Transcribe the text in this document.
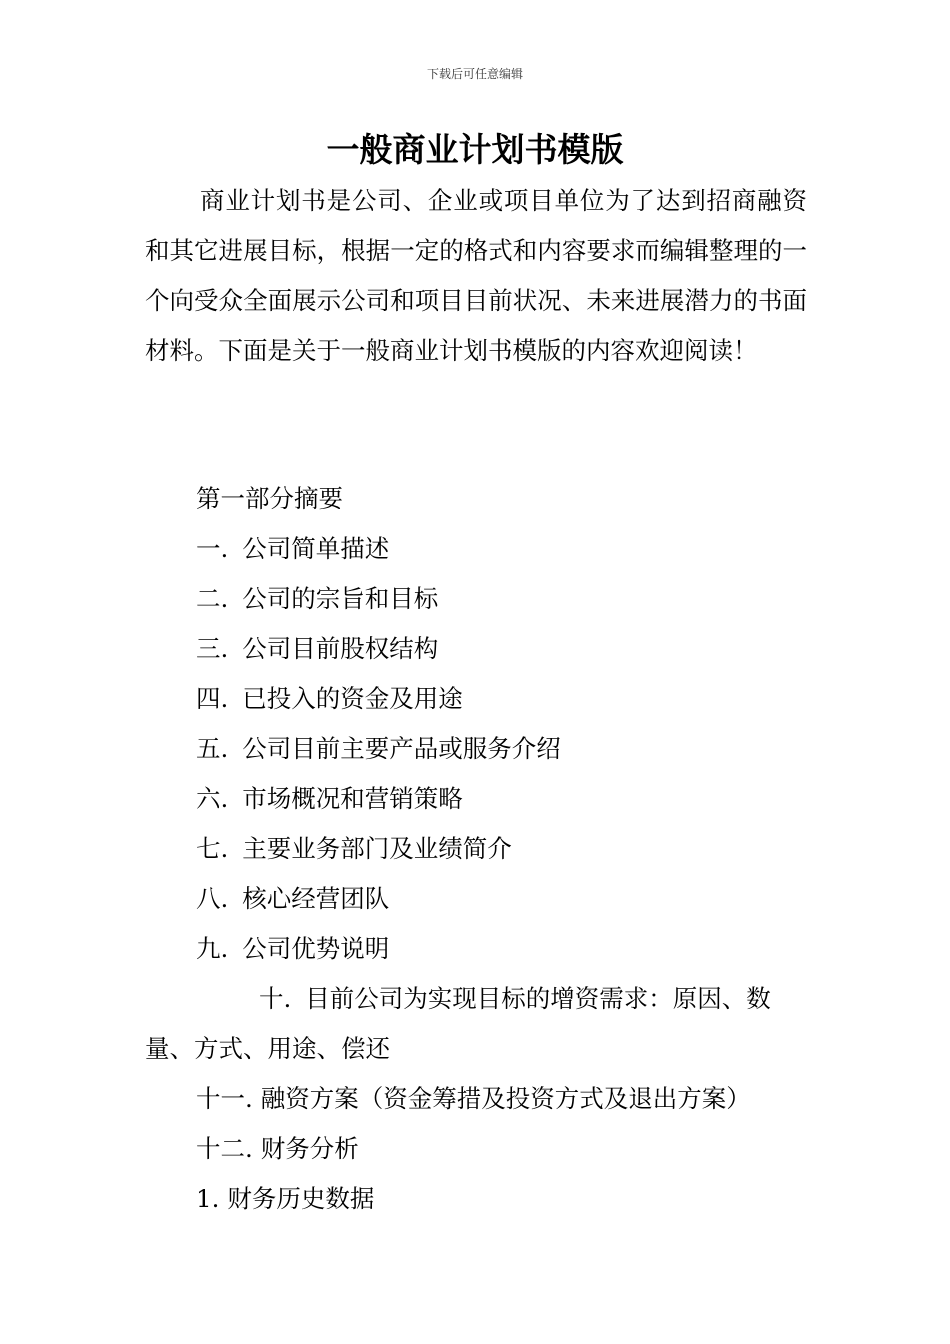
下载后可任意编辑
一般商业计划书模版

商业计划书是公司、企业或项目单位为了达到招商融资和其它进展目标，根据一定的格式和内容要求而编辑整理的一个向受众全面展示公司和项目目前状况、未来进展潜力的书面材料。下面是关于一般商业计划书模版的内容欢迎阅读！

第一部分摘要
一. 公司简单描述
二. 公司的宗旨和目标
三. 公司目前股权结构
四. 已投入的资金及用途
五. 公司目前主要产品或服务介绍
六. 市场概况和营销策略
七. 主要业务部门及业绩简介
八. 核心经营团队
九. 公司优势说明
十. 目前公司为实现目标的增资需求：原因、数量、方式、用途、偿还
十一. 融资方案（资金筹措及投资方式及退出方案）
十二. 财务分析
1. 财务历史数据
